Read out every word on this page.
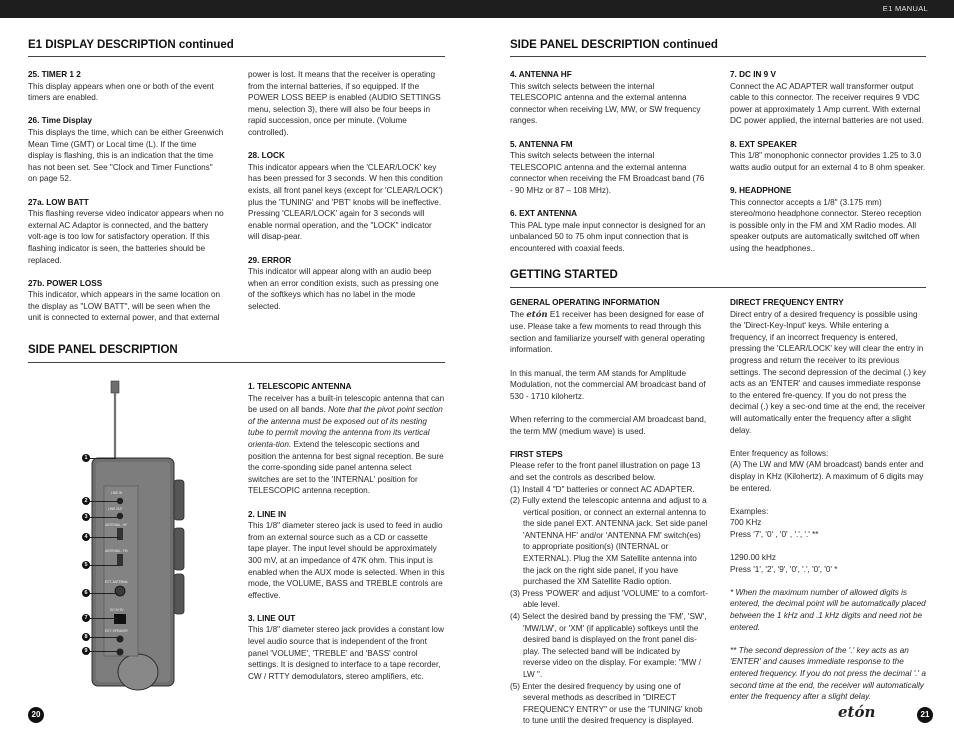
E1 MANUAL
E1 DISPLAY DESCRIPTION continued

25. TIMER 1 2

This display appears when one or both of the event timers are enabled.

26. Time Display

This displays the time, which can be either Greenwich Mean Time (GMT) or Local time (L). If the time display is flashing, this is an indication that the time has not been set. See "Clock and Timer Functions" on page 52.

27a. LOW BATT

This flashing reverse video indicator appears when no external AC Adaptor is connected, and the battery volt-age is too low for satisfactory operation. If this flashing indicator is seen, the batteries should be replaced.

27b. POWER LOSS

This indicator, which appears in the same location on the display as "LOW BATT", will be seen when the unit is connected to external power, and that external

power is lost. It means that the receiver is operating from the internal batteries, if so equipped. If the POWER LOSS BEEP is enabled (AUDIO SETTINGS menu, selection 3), there will also be four beeps in rapid succession, once per minute. (Volume controlled).

28. LOCK

This indicator appears when the 'CLEAR/LOCK' key has been pressed for 3 seconds. W hen this condition exists, all front panel keys (except for 'CLEAR/LOCK') plus the 'TUNING' and 'PBT' knobs will be ineffective. Pressing 'CLEAR/LOCK' again for 3 seconds will enable normal operation, and the "LOCK" indicator will disap-pear.

29. ERROR

This indicator will appear along with an audio beep when an error condition exists, such as pressing one of the softkeys which has no label in the mode selected.

SIDE PANEL DESCRIPTION
LINE IN
LINE OUT
ANTENNA - HF
ANTENNA - FM
EXT. ANTENNA
DC IN 9V
EXT. SPEAKER
1
2
3
4
5
6
7
8
9

1. TELESCOPIC ANTENNA

The receiver has a built-in telescopic antenna that can be used on all bands. Note that the pivot point section of the antenna must be exposed out of its nesting tube to permit moving the antenna from its vertical orienta-tion. Extend the telescopic sections and position the antenna for best signal reception. Be sure the corre-sponding side panel antenna select switches are set to the 'INTERNAL' position for TELESCOPIC antenna reception.

2. LINE IN

This 1/8" diameter stereo jack is used to feed in audio from an external source such as a CD or cassette tape player. The input level should be approximately 300 mV, at an impedance of 47K ohm. This input is enabled when the AUX mode is selected. When in this mode, the VOLUME, BASS and TREBLE controls are effective.

3. LINE OUT

This 1/8" diameter stereo jack provides a constant low level audio source that is independent of the front panel 'VOLUME', 'TREBLE' and 'BASS' control settings. It is designed to interface to a tape recorder, CW / RTTY demodulators, stereo amplifiers, etc.

20
SIDE PANEL DESCRIPTION continued

4. ANTENNA HF

This switch selects between the internal TELESCOPIC antenna and the external antenna connector when receiving LW, MW, or SW frequency ranges.

5. ANTENNA FM

This switch selects between the internal TELESCOPIC antenna and the external antenna connector when receiving the FM Broadcast band (76 - 90 MHz or 87 – 108 MHz).

6. EXT ANTENNA

This PAL type male input connector is designed for an unbalanced 50 to 75 ohm input connection that is encountered with coaxial feeds.

7. DC IN 9 V

Connect the AC ADAPTER wall transformer output cable to this connector. The receiver requires 9 VDC power at approximately 1 Amp current. With external DC power applied, the internal batteries are not used.

8. EXT SPEAKER

This 1/8" monophonic connector provides 1.25 to 3.0 watts audio output for an external 4 to 8 ohm speaker.

9. HEADPHONE

This connector accepts a 1/8" (3.175 mm) stereo/mono headphone connector. Stereo reception is possible only in the FM and XM Radio modes. All speaker outputs are automatically switched off when using the headphones..

GETTING STARTED

GENERAL OPERATING INFORMATION

The etón E1 receiver has been designed for ease of use. Please take a few moments to read through this section and familiarize yourself with general operating information.

In this manual, the term AM stands for Amplitude Modulation, not the commercial AM broadcast band of 530 - 1710 kilohertz.

When referring to the commercial AM broadcast band, the term MW (medium wave) is used.

FIRST STEPS

Please refer to the front panel illustration on page 13 and set the controls as described below.

(1) Install 4 "D" batteries or connect AC ADAPTER.

(2) Fully extend the telescopic antenna and adjust to a vertical position, or connect an external antenna to the side panel EXT. ANTENNA jack. Set side panel 'ANTENNA HF' and/or 'ANTENNA FM' switch(es) to appropriate position(s) (INTERNAL or EXTERNAL). Plug the XM Satellite antenna into the jack on the right side panel, if you have purchased the XM Satellite Radio option.

(3) Press 'POWER' and adjust 'VOLUME' to a comfort-able level.

(4) Select the desired band by pressing the 'FM', 'SW', 'MW/LW', or 'XM' (if applicable) softkeys until the desired band is displayed on the front panel dis-play. The selected band will be indicated by reverse video on the display. For example: "MW / LW ".

(5) Enter the desired frequency by using one of several methods as described in "DIRECT FREQUENCY ENTRY" or use the 'TUNING' knob to tune until the desired frequency is displayed.

DIRECT FREQUENCY ENTRY

Direct entry of a desired frequency is possible using the 'Direct-Key-Input' keys. While entering a frequency, if an incorrect frequency is entered, pressing the 'CLEAR/LOCK' key will clear the entry in progress and return the receiver to its previous settings. The second depression of the decimal (.) key acts as an 'ENTER' and causes immediate response to the entered fre-quency. If you do not press the decimal (.) key a sec-ond time at the end, the receiver will automatically enter the frequency after a slight delay.

Enter frequency as follows:

(A) The LW and MW (AM broadcast) bands enter and display in KHz (Kilohertz). A maximum of 6 digits may be entered.

Examples:

700 KHz

Press '7', '0' , '0' , '.', '.' **

1290.00 kHz

Press '1', '2', '9', '0', '.', '0', '0' *

* When the maximum number of allowed digits is entered, the decimal point will be automatically placed between the 1 kHz and .1 kHz digits and need not be entered.

** The second depression of the '.' key acts as an 'ENTER' and causes immediate response to the entered frequency. If you do not press the decimal '.' a second time at the end, the receiver will automatically enter the frequency after a slight delay.

etón	21
